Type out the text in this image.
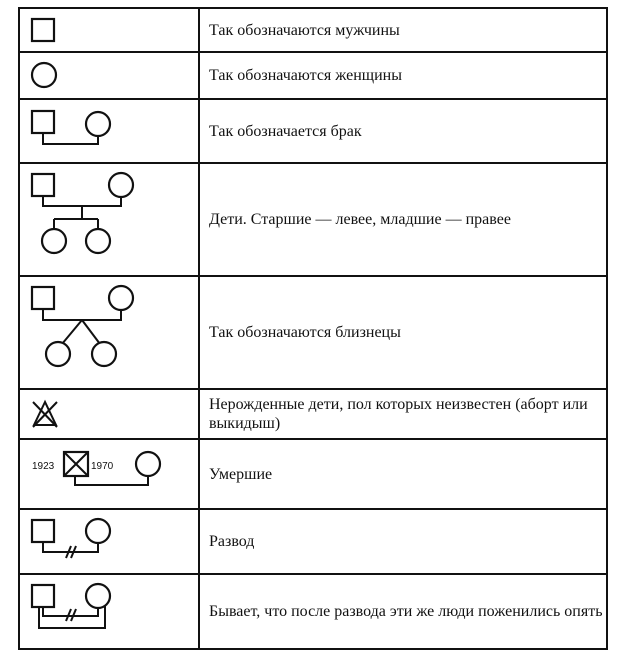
	Так обозначаются мужчины

	Так обозначаются женщины

	Так обозначается брак

	Дети. Старшие — левее, младшие — правее

	Так обозначаются близнецы

	Нерожденные дети, пол которых неизвестен (аборт или выкидыш)

1923 1970	Умершие

	Развод

	Бывает, что после развода эти же люди поженились опять
